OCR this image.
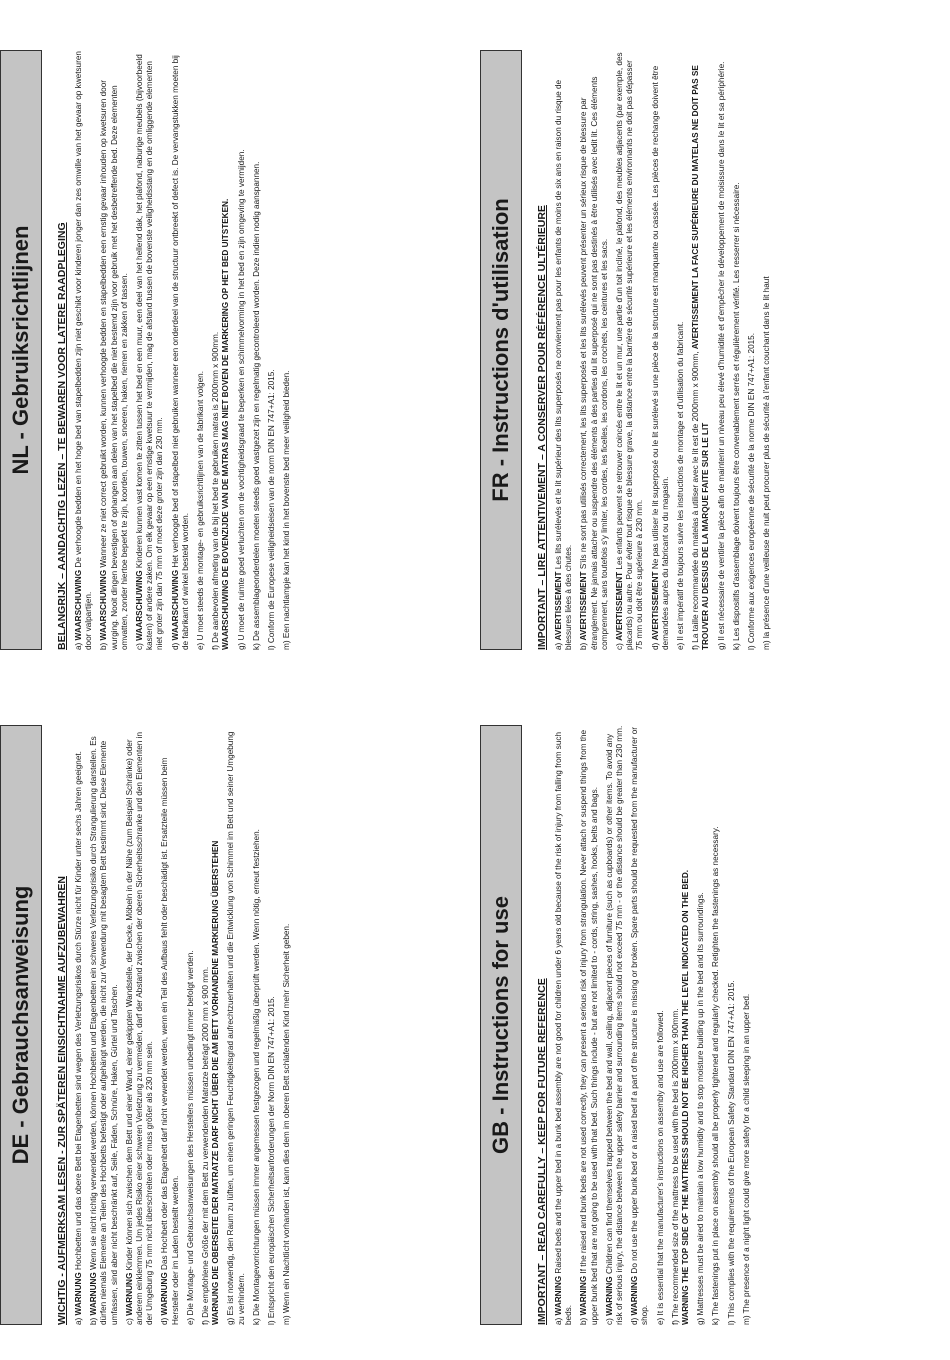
DE - Gebrauchsanweisung WICHTIG - AUFMERKSAM LESEN - ZUR SPÄTEREN EINSICHTNAHME AUFZUBEWAHREN a) WARNUNG Hochbetten und das obere Bett bei Etagenbetten sind wegen des Verletzungsrisikos durch Stürze nicht für Kinder unter sechs Jahren geeignet.

b) WARNUNG Wenn sie nicht richtig verwendet werden, können Hochbetten und Etagenbetten ein schweres Verletzungsrisiko durch Strangulierung darstellen. Es dürfen niemals Elemente an Teilen des Hochbetts befestigt oder aufgehängt werden, die nicht zur Verwendung mit besagtem Bett bestimmt sind. Diese Elemente umfassen, sind aber nicht beschränkt auf, Seile, Fäden, Schnüre, Haken, Gürtel und Taschen. c) WARNUNG Kinder können sich zwischen dem Bett und einer Wand, einer gekippten Wandstelle, der Decke, Möbeln in der Nähe (zum Beispiel Schränke) oder anderem einklemmen. Um jedes Risiko einer schweren Verletzung zu vermeiden, darf der Abstand zwischen der oberen Sicherheitsschranke und den Elementen in der Umgebung 75 mm nicht überschreiten oder muss größer als 230 mm sein. d) WARNUNG Das Hochbett oder das Etagenbett darf nicht verwendet werden, wenn ein Teil des Aufbaus fehlt oder beschädigt ist. Ersatzteile müssen beim Hersteller oder im Laden bestellt werden. e) Die Montage- und Gebrauchsanweisungen des Herstellers müssen unbedingt immer befolgt werden. f) Die empfohlene Größe der mit dem Bett zu verwendenden Matratze beträgt 2000 mm x 900 mm.
WARNUNG DIE OBERSEITE DER MATRATZE DARF NICHT ÜBER DIE AM BETT VORHANDENE MARKIERUNG ÜBERSTEHEN g) Es ist notwendig, den Raum zu lüften, um einen geringen Feuchtigkeitsgrad aufrechtzuerhalten und die Entwicklung von Schimmel im Bett und seiner Umgebung zu verhindern. k) Die Montagevorrichtungen müssen immer angemessen festgezogen und regelmäßig überprüft werden. Wenn nötig, erneut festziehen. l) Entspricht den europäischen Sicherheitsanforderungen der Norm DIN EN 747+A1: 2015. m) Wenn ein Nachtlicht vorhanden ist, kann dies dem im oberen Bett schlafenden Kind mehr Sicherheit geben.	GB - Instructions for use IMPORTANT – READ CAREFULLY – KEEP FOR FUTURE REFERENCE a) WARNING Raised beds and the upper bed in a bunk bed assembly are not good for children under 6 years old because of the risk of injury from falling from such beds. b) WARNING If the raised and bunk beds are not used correctly, they can present a serious risk of injury from strangulation. Never attach or suspend things from the upper bunk bed that are not going to be used with that bed. Such things include - but are not limited to - cords, string, sashes, hooks, belts and bags. c) WARNING Children can find themselves trapped between the bed and wall, ceiling, adjacent pieces of furniture (such as cupboards) or other items. To avoid any risk of serious injury, the distance between the upper safety barrier and surrounding items should not exceed 75 mm - or the distance should be greater than 230 mm. d) WARNING Do not use the upper bunk bed or a raised bed if a part of the structure is missing or broken. Spare parts should be requested from the manufacturer or shop. e) It is essential that the manufacturer's instructions on assembly and use are followed. f) The recommended size of the mattress to be used with the bed is 2000mm x 900mm.
WARNING THE TOP SIDE OF THE MATTRESS SHOULD NOT BE HIGHER THAN THE LEVEL INDICATED ON THE BED. g) Mattresses must be aired to maintain a low humidity and to stop moisture building up in the bed and its surroundings. k) The fastenings put in place on assembly should all be properly tightened and regularly checked. Retighten the fastenings as necessary. l) This complies with the requirements of the European Safety Standard DIN EN 747+A1: 2015. m) The presence of a night light could give more safety for a child sleeping in an upper bed.

NL - Gebruiksrichtlijnen BELANGRIJK – AANDACHTIG LEZEN – TE BEWAREN VOOR LATERE RAADPLEGING a) WAARSCHUWING De verhoogde bedden en het hoge bed van stapelbedden zijn niet geschikt voor kinderen jonger dan zes omwille van het gevaar op kwetsuren door valpartijen. b) WAARSCHUWING Wanneer ze niet correct gebruikt worden, kunnen verhoogde bedden en stapelbedden een ernstig gevaar inhouden op kwetsuren door wurging. Nooit dingen bevestigen of ophangen aan delen van het stapelbed die niet bestemd zijn voor gebruik met het desbetreffende bed. Deze elementen omvatten, zonder hiertoe beperkt te zijn, koorden, touwen, snoeren, haken, riemen en zakken of tassen. c) WAARSCHUWING Kinderen kunnen vast komen te zitten tussen het bed en een muur, een deel van het hellend dak, het plafond, naburige meubels (bijvoorbeeld kasten) of andere zaken. Om elk gevaar op een ernstige kwetsuur te vermijden, mag de afstand tussen de bovenste veiligheidsstang en de omliggende elementen niet groter zijn dan 75 mm of moet deze groter zijn dan 230 mm. d) WAARSCHUWING Het verhoogde bed of stapelbed niet gebruiken wanneer een onderdeel van de structuur ontbreekt of defect is. De vervangstukken moeten bij de fabrikant of winkel besteld worden. e) U moet steeds de montage- en gebruiksrichtlijnen van de fabrikant volgen. f) De aanbevolen afmeting van de bij het bed te gebruiken matras is 2000mm x 900mm.
WAARSCHUWING DE BOVENZIJDE VAN DE MATRAS MAG NIET BOVEN DE MARKERING OP HET BED UITSTEKEN. g) U moet de ruimte goed verluchten om de vochtigheidsgraad te beperken en schimmelvorming in het bed en zijn omgeving te vermijden. k) De assemblageonderdelen moeten steeds goed vastgezet zijn en regelmatig gecontroleerd worden. Deze indien nodig aanspannen. l) Conform de Europese veiligheidseisen van de norm DIN EN 747+A1: 2015. m) Een nachtlampje kan het kind in het bovenste bed meer veiligheid bieden.

FR - Instructions d'utilisation IMPORTANT – LIRE ATTENTIVEMENT – A CONSERVER POUR RÉFÉRENCE ULTÉRIEURE a) AVERTISSEMENT Les lits surélevés et le lit supérieur des lits superposés ne conviennent pas pour les enfants de moins de six ans en raison du risque de blessures liées à des chutes. b) AVERTISSEMENT S'ils ne sont pas utilisés correctement, les lits superposés et les lits surélevés peuvent présenter un sérieux risque de blessure par étranglement. Ne jamais attacher ou suspendre des éléments à des parties du lit superposé qui ne sont pas destinés à être utilisés avec ledit lit. Ces éléments comprennent, sans toutefois s'y limiter, les cordes, les ficelles, les cordons, les crochets, les ceintures et les sacs. c) AVERTISSEMENT Les enfants peuvent se retrouver coincés entre le lit et un mur, une partie d'un toit incliné, le plafond, des meubles adjacents (par exemple, des placards) ou autre. Pour éviter tout risque de blessure grave, la distance entre la barrière de sécurité supérieure et les éléments environnants ne doit pas dépasser 75 mm ou doit être supérieure à 230 mm. d) AVERTISSEMENT Ne pas utiliser le lit superposé ou le lit surélevé si une pièce de la structure est manquante ou cassée. Les pièces de rechange doivent être demandées auprès du fabricant ou du magasin. e) Il est impératif de toujours suivre les instructions de montage et d'utilisation du fabricant. f) La taille recommandée du matelas à utiliser avec le lit est de 2000mm x 900mm, AVERTISSEMENT LA FACE SUPÉRIEURE DU MATELAS NE DOIT PAS SE TROUVER AU DESSUS DE LA MARQUE FAITE SUR LE LIT g) Il est nécessaire de ventiler la pièce afin de maintenir un niveau peu élevé d'humidité et d'empêcher le développement de moisissure dans le lit et sa périphérie. k) Les dispositifs d'assemblage doivent toujours être convenablement serrés et régulièrement vérifié. Les resserrer si nécessaire. l) Conforme aux exigences européenne de sécurité de la norme DIN EN 747+A1: 2015. m) la présence d'une veilleuse de nuit peut procurer plus de sécurité à l'enfant couchant dans le lit haut
